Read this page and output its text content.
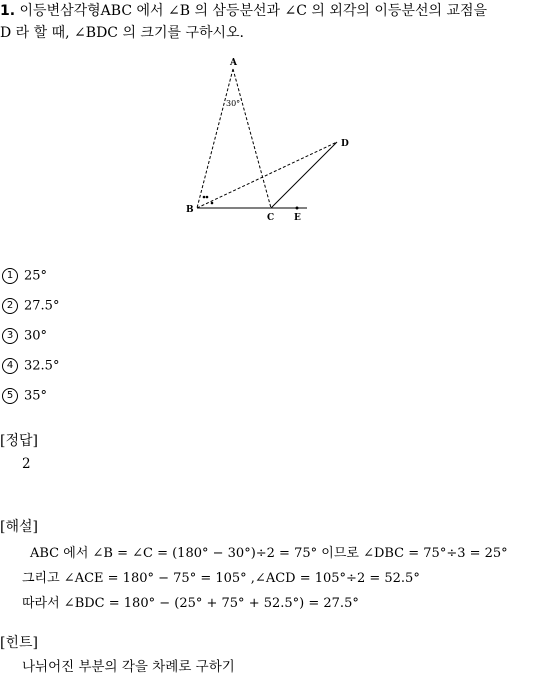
1. 이등변삼각형ABC 에서 ∠B 의 삼등분선과 ∠C 의 외각의 이등분선의 교점을
D 라 할 때, ∠BDC 의 크기를 구하시오.
A
30°
D
B
C E
1 25°
2 27.5°
3 30°
4 32.5°
5 35°
[정답]
2
[해설]
ABC 에서 ∠B = ∠C = (180° − 30°)÷2 = 75° 이므로 ∠DBC = 75°÷3 = 25°
그리고 ∠ACE = 180° − 75° = 105° ,∠ACD = 105°÷2 = 52.5°
따라서 ∠BDC = 180° − (25° + 75° + 52.5°) = 27.5°
[힌트]
나뉘어진 부분의 각을 차례로 구하기
